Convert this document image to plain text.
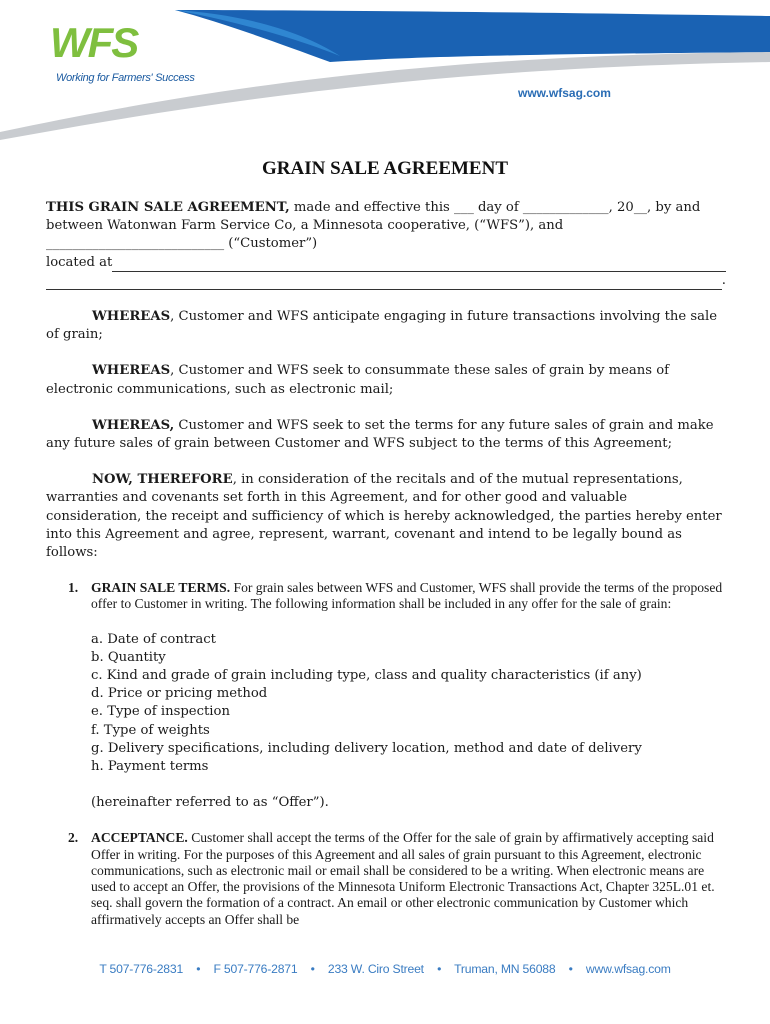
WFS
Working for Farmers' Success
www.wfsag.com
GRAIN SALE AGREEMENT

THIS GRAIN SALE AGREEMENT, made and effective this ___ day of _____________, 20__, by and between Watonwan Farm Service Co, a Minnesota cooperative, (“WFS”), and ___________________________ (“Customer”)

located at
.

WHEREAS, Customer and WFS anticipate engaging in future transactions involving the sale of grain;

WHEREAS, Customer and WFS seek to consummate these sales of grain by means of electronic communications, such as electronic mail;

WHEREAS, Customer and WFS seek to set the terms for any future sales of grain and make any future sales of grain between Customer and WFS subject to the terms of this Agreement;

NOW, THEREFORE, in consideration of the recitals and of the mutual representations, warranties and covenants set forth in this Agreement, and for other good and valuable consideration, the receipt and sufficiency of which is hereby acknowledged, the parties hereby enter into this Agreement and agree, represent, warrant, covenant and intend to be legally bound as follows:

1. GRAIN SALE TERMS. For grain sales between WFS and Customer, WFS shall provide the terms of the proposed offer to Customer in writing. The following information shall be included in any offer for the sale of grain:
a. Date of contract
b. Quantity
c. Kind and grade of grain including type, class and quality characteristics (if any)
d. Price or pricing method
e. Type of inspection
f. Type of weights
g. Delivery specifications, including delivery location, method and date of delivery
h. Payment terms
(hereinafter referred to as “Offer”).
2. ACCEPTANCE. Customer shall accept the terms of the Offer for the sale of grain by affirmatively accepting said Offer in writing. For the purposes of this Agreement and all sales of grain pursuant to this Agreement, electronic communications, such as electronic mail or email shall be considered to be a writing. When electronic means are used to accept an Offer, the provisions of the Minnesota Uniform Electronic Transactions Act, Chapter 325L.01 et. seq. shall govern the formation of a contract. An email or other electronic communication by Customer which affirmatively accepts an Offer shall be
T 507-776-2831 • F 507-776-2871 • 233 W. Ciro Street • Truman, MN 56088 • www.wfsag.com
